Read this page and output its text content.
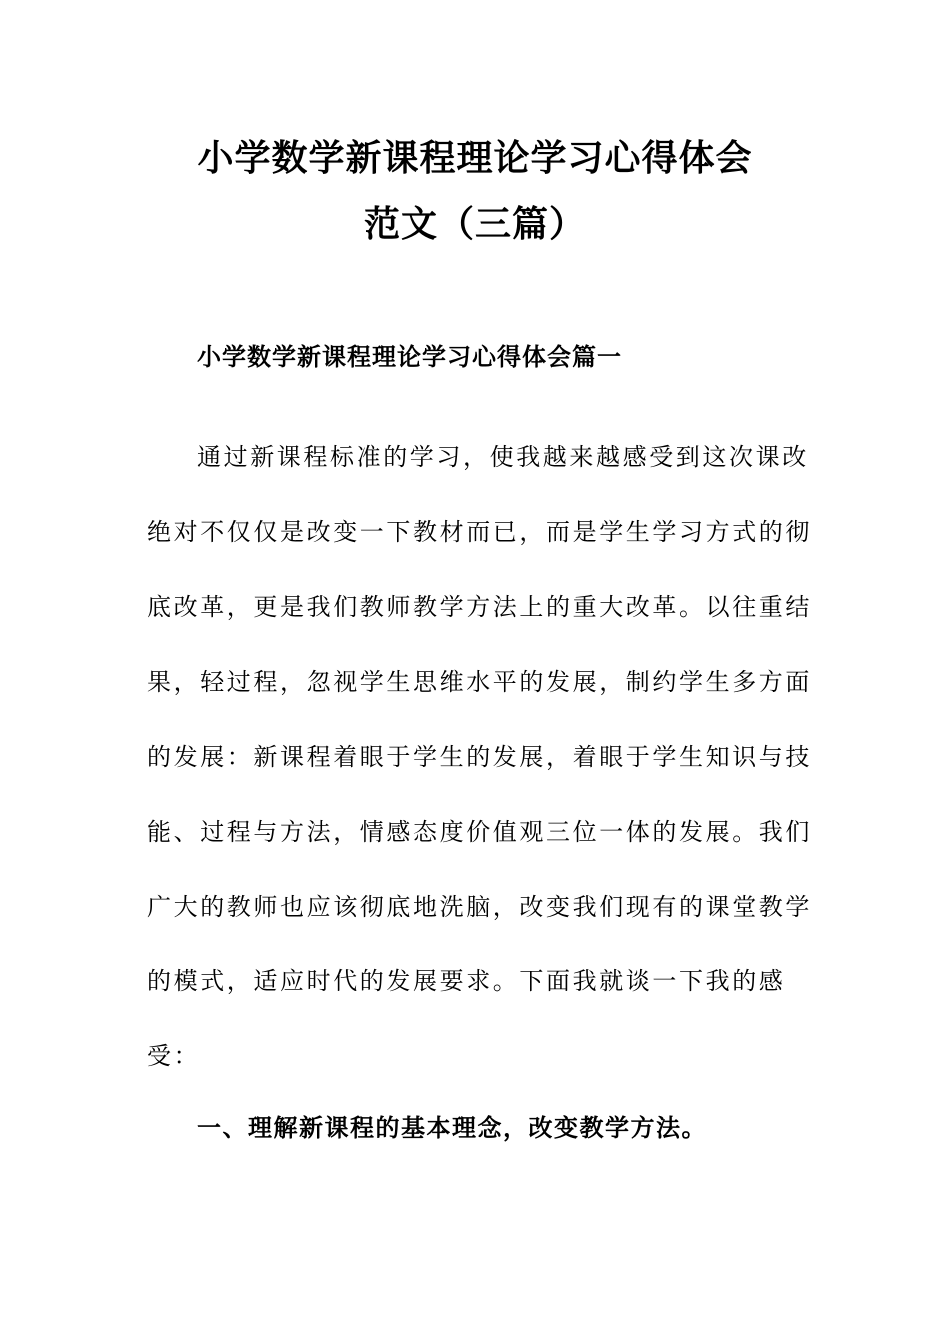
小学数学新课程理论学习心得体会
范文（三篇）
小学数学新课程理论学习心得体会篇一
通过新课程标准的学习，使我越来越感受到这次课改
绝对不仅仅是改变一下教材而已，而是学生学习方式的彻
底改革，更是我们教师教学方法上的重大改革。以往重结
果，轻过程，忽视学生思维水平的发展，制约学生多方面
的发展：新课程着眼于学生的发展，着眼于学生知识与技
能、过程与方法，情感态度价值观三位一体的发展。我们
广大的教师也应该彻底地洗脑，改变我们现有的课堂教学
的模式，适应时代的发展要求。下面我就谈一下我的感
受：
一、理解新课程的基本理念，改变教学方法。
